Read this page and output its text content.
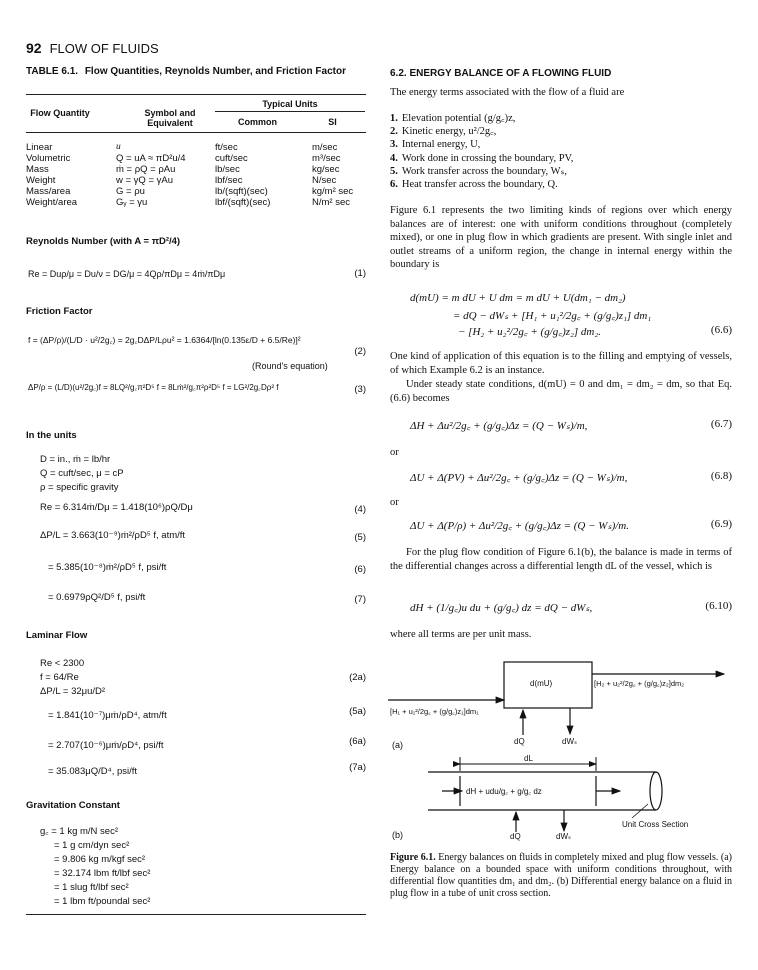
92 FLOW OF FLUIDS
TABLE 6.1. Flow Quantities, Reynolds Number, and Friction Factor
Flow Quantity	Symbol and Equivalent
Typical Units
Common	SI
Linear	u	ft/sec	m/sec
Volumetric	Q = uA ≈ πD²u/4	cuft/sec	m³/sec
Mass	ṁ = ρQ = ρAu	lb/sec	kg/sec
Weight	w = γQ = γAu	lbf/sec	N/sec
Mass/area	G = ρu	lb/(sqft)(sec)	kg/m² sec
Weight/area	Gᵧ = γu	lbf/(sqft)(sec)	N/m² sec
Reynolds Number (with A = πD²/4)
Re = Duρ/μ = Du/ν = DG/μ = 4Qρ/πDμ = 4ṁ/πDμ	(1)
Friction Factor
f = (ΔP/ρ)/(L/D · u²/2g꜀) = 2g꜀DΔP/Lρu² = 1.6364/[ln(0.135ε/D + 6.5/Re)]²
(2)
(Round's equation)
ΔP/ρ = (L/D)(u²/2g꜀)f = 8LQ²/g꜀π²D⁵ f = 8Lṁ²/g꜀π²ρ²D⁵ f = LG²/2g꜀Dρ² f	(3)
In the units
D = in., ṁ = lb/hr
Q = cuft/sec, μ = cP
ρ = specific gravity
Re = 6.314ṁ/Dμ = 1.418(10⁶)ρQ/Dμ	(4)
ΔP/L = 3.663(10⁻⁹)ṁ²/ρD⁵ f, atm/ft	(5)
= 5.385(10⁻⁸)ṁ²/ρD⁵ f, psi/ft	(6)
= 0.6979ρQ²/D⁵ f, psi/ft	(7)
Laminar Flow
Re < 2300
f = 64/Re	(2a)
ΔP/L = 32μu/D²
= 1.841(10⁻⁷)μṁ/ρD⁴, atm/ft	(5a)
= 2.707(10⁻⁶)μṁ/ρD⁴, psi/ft	(6a)
= 35.083μQ/D⁴, psi/ft	(7a)
Gravitation Constant
g꜀ = 1 kg m/N sec²
= 1 g cm/dyn sec²
= 9.806 kg m/kgf sec²
= 32.174 lbm ft/lbf sec²
= 1 slug ft/lbf sec²
= 1 lbm ft/poundal sec²
6.2. ENERGY BALANCE OF A FLOWING FLUID
The energy terms associated with the flow of a fluid are
1. Elevation potential (g/g꜀)z,
2. Kinetic energy, u²/2g꜀,
3. Internal energy, U,
4. Work done in crossing the boundary, PV,
5. Work transfer across the boundary, Wₛ,
6. Heat transfer across the boundary, Q.
Figure 6.1 represents the two limiting kinds of regions over which energy balances are of interest: one with uniform conditions throughout (completely mixed), or one in plug flow in which gradients are present. With single inlet and outlet streams of a uniform region, the change in internal energy within the boundary is
d(mU) = m dU + U dm = m dU + U(dm₁ − dm₂)
= dQ − dWₛ + [H₁ + u₁²/2g꜀ + (g/g꜀)z₁] dm₁
− [H₂ + u₂²/2g꜀ + (g/g꜀)z₂] dm₂.	(6.6)
One kind of application of this equation is to the filling and emptying of vessels, of which Example 6.2 is an instance.
Under steady state conditions, d(mU) = 0 and dm₁ = dm₂ = dm, so that Eq. (6.6) becomes
ΔH + Δu²/2g꜀ + (g/g꜀)Δz = (Q − Wₛ)/m,	(6.7)
or
ΔU + Δ(PV) + Δu²/2g꜀ + (g/g꜀)Δz = (Q − Wₛ)/m,	(6.8)
or
ΔU + Δ(P/ρ) + Δu²/2g꜀ + (g/g꜀)Δz = (Q − Wₛ)/m.	(6.9)
For the plug flow condition of Figure 6.1(b), the balance is made in terms of the differential changes across a differential length dL of the vessel, which is
dH + (1/g꜀)u du + (g/g꜀) dz = dQ − dWₛ,	(6.10)
where all terms are per unit mass.
d(mU)	[H₂ + u₂²/2g꜀ + (g/g꜀)z₂]dm₂
[H₁ + u₁²/2g꜀ + (g/g꜀)z₁]dm₁
(a)	dQ	dWₛ
dL
dH + udu/g꜀ + g/g꜀ dz
Unit Cross Section
(b)	dQ	dWₛ
Figure 6.1. Energy balances on fluids in completely mixed and plug flow vessels. (a) Energy balance on a bounded space with uniform conditions throughout, with differential flow quantities dm₁ and dm₂. (b) Differential energy balance on a fluid in plug flow in a tube of unit cross section.
